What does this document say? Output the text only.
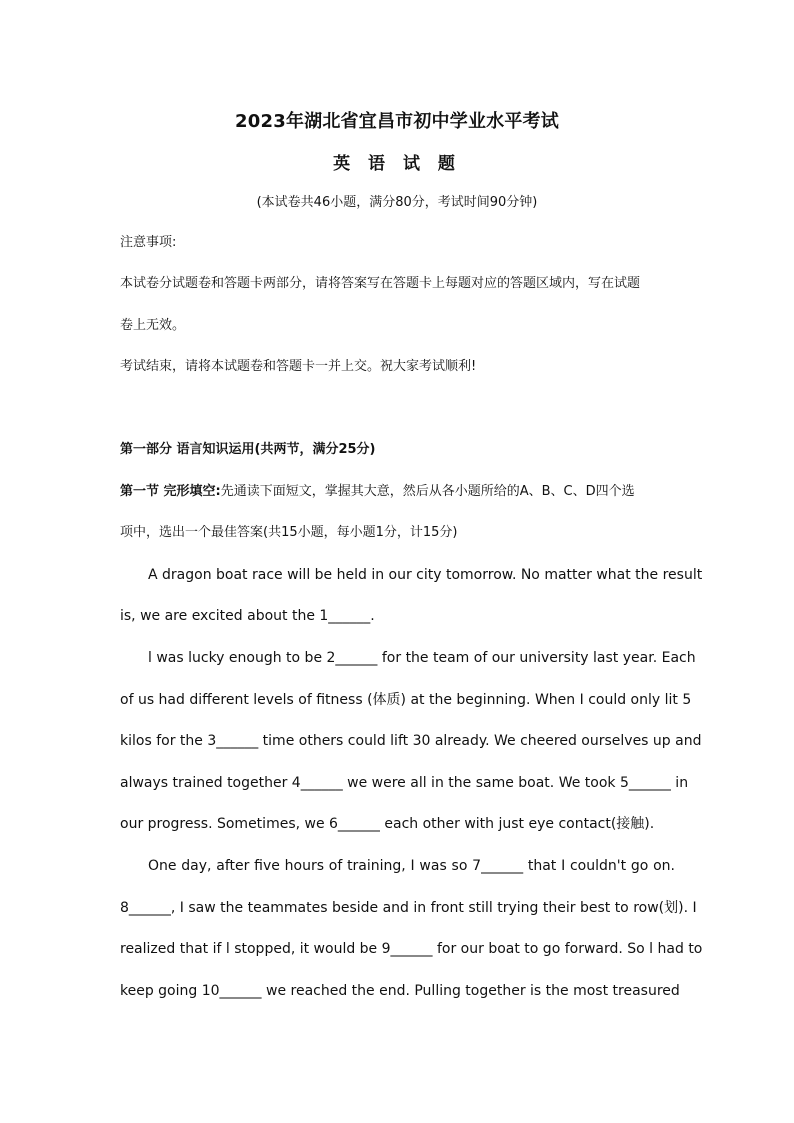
2023年湖北省宜昌市初中学业水平考试
英 语 试 题
(本试卷共46小题，满分80分，考试时间90分钟)
注意事项:
本试卷分试题卷和答题卡两部分，请将答案写在答题卡上每题对应的答题区域内，写在试题
卷上无效。
考试结束，请将本试题卷和答题卡一并上交。祝大家考试顺利!
第一部分 语言知识运用(共两节，满分25分)
第一节 完形填空:先通读下面短文，掌握其大意，然后从各小题所给的A、B、C、D四个选
项中，选出一个最佳答案(共15小题，每小题1分，计15分)
A dragon boat race will be held in our city tomorrow. No matter what the result
is, we are excited about the 1______.
l was lucky enough to be 2______ for the team of our university last year. Each
of us had different levels of fitness (体质) at the beginning. When I could only lit 5
kilos for the 3______ time others could lift 30 already. We cheered ourselves up and
always trained together 4______ we were all in the same boat. We took 5______ in
our progress. Sometimes, we 6______ each other with just eye contact(接触).
One day, after five hours of training, I was so 7______ that I couldn't go on.
8______, I saw the teammates beside and in front still trying their best to row(划). I
realized that if l stopped, it would be 9______ for our boat to go forward. So l had to
keep going 10______ we reached the end. Pulling together is the most treasured
